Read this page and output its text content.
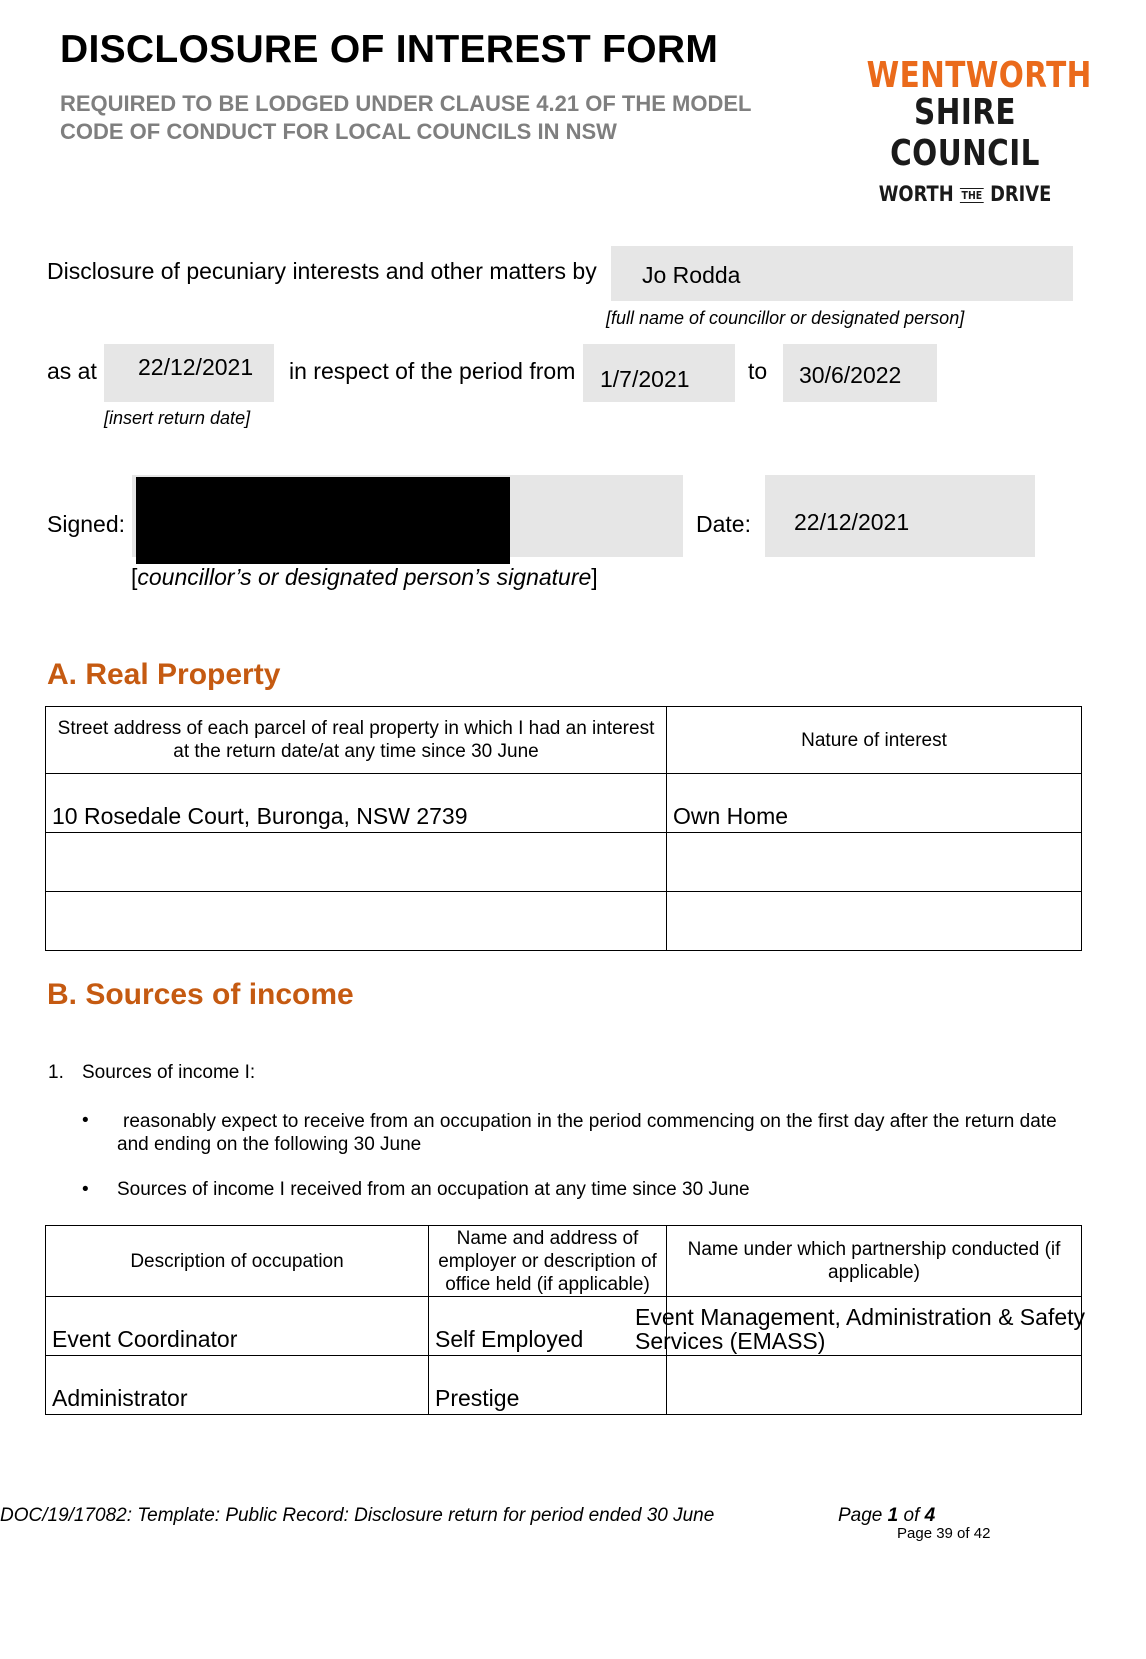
DISCLOSURE OF INTEREST FORM
REQUIRED TO BE LODGED UNDER CLAUSE 4.21 OF THE MODEL CODE OF CONDUCT FOR LOCAL COUNCILS IN NSW
WENTWORTH
SHIRE COUNCIL
WORTH THE DRIVE
Disclosure of pecuniary interests and other matters by	Jo Rodda
[full name of councillor or designated person]
as at	22/12/2021
[insert return date]
in respect of the period from	1/7/2021	to	30/6/2022
Signed:
[councillor’s or designated person’s signature]
Date:	22/12/2021
A. Real Property
Street address of each parcel of real property in which I had an interest at the return date/at any time since 30 June	Nature of interest
10 Rosedale Court, Buronga, NSW 2739	Own Home

B. Sources of income
1. Sources of income I:
•	reasonably expect to receive from an occupation in the period commencing on the first day after the return date and ending on the following 30 June
• Sources of income I received from an occupation at any time since 30 June
Description of occupation	Name and address of employer or description of office held (if applicable)	Name under which partnership conducted (if applicable)
Event Coordinator	Self Employed	Event Management, Administration & Safety
Services (EMASS)

Administrator	Prestige	
DOC/19/17082: Template: Public Record: Disclosure return for period ended 30 June	Page 1 of 4
Page 39 of 42
